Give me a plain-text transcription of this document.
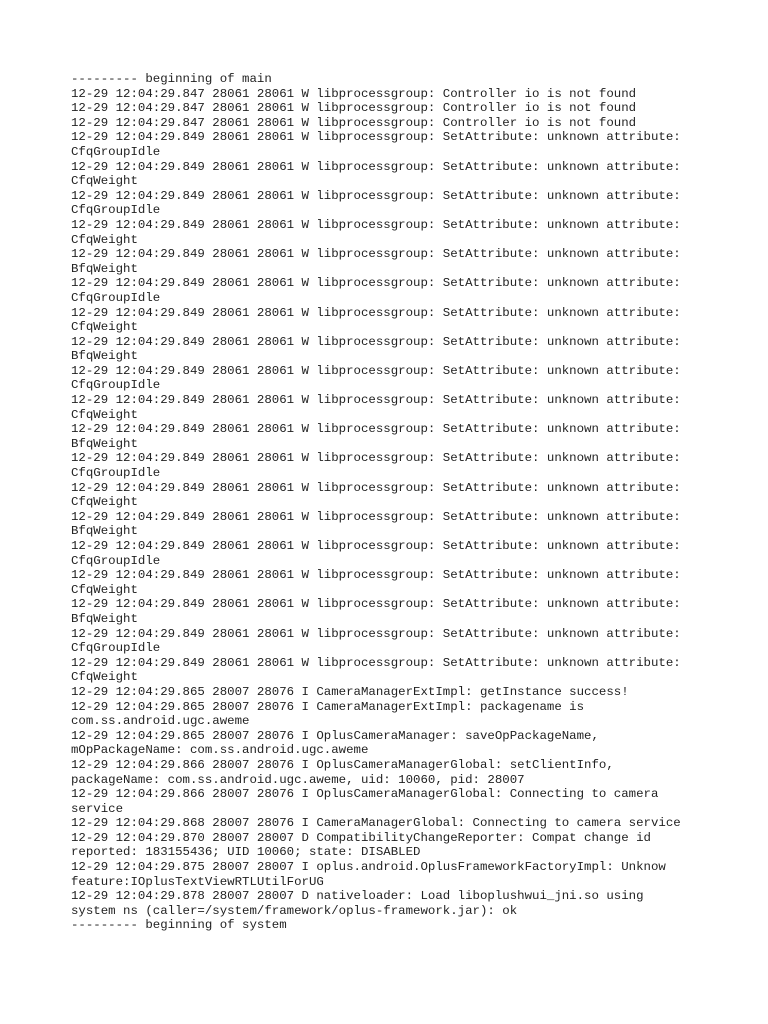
--------- beginning of main
12-29 12:04:29.847 28061 28061 W libprocessgroup: Controller io is not found
12-29 12:04:29.847 28061 28061 W libprocessgroup: Controller io is not found
12-29 12:04:29.847 28061 28061 W libprocessgroup: Controller io is not found
12-29 12:04:29.849 28061 28061 W libprocessgroup: SetAttribute: unknown attribute:
CfqGroupIdle
12-29 12:04:29.849 28061 28061 W libprocessgroup: SetAttribute: unknown attribute:
CfqWeight
12-29 12:04:29.849 28061 28061 W libprocessgroup: SetAttribute: unknown attribute:
CfqGroupIdle
12-29 12:04:29.849 28061 28061 W libprocessgroup: SetAttribute: unknown attribute:
CfqWeight
12-29 12:04:29.849 28061 28061 W libprocessgroup: SetAttribute: unknown attribute:
BfqWeight
12-29 12:04:29.849 28061 28061 W libprocessgroup: SetAttribute: unknown attribute:
CfqGroupIdle
12-29 12:04:29.849 28061 28061 W libprocessgroup: SetAttribute: unknown attribute:
CfqWeight
12-29 12:04:29.849 28061 28061 W libprocessgroup: SetAttribute: unknown attribute:
BfqWeight
12-29 12:04:29.849 28061 28061 W libprocessgroup: SetAttribute: unknown attribute:
CfqGroupIdle
12-29 12:04:29.849 28061 28061 W libprocessgroup: SetAttribute: unknown attribute:
CfqWeight
12-29 12:04:29.849 28061 28061 W libprocessgroup: SetAttribute: unknown attribute:
BfqWeight
12-29 12:04:29.849 28061 28061 W libprocessgroup: SetAttribute: unknown attribute:
CfqGroupIdle
12-29 12:04:29.849 28061 28061 W libprocessgroup: SetAttribute: unknown attribute:
CfqWeight
12-29 12:04:29.849 28061 28061 W libprocessgroup: SetAttribute: unknown attribute:
BfqWeight
12-29 12:04:29.849 28061 28061 W libprocessgroup: SetAttribute: unknown attribute:
CfqGroupIdle
12-29 12:04:29.849 28061 28061 W libprocessgroup: SetAttribute: unknown attribute:
CfqWeight
12-29 12:04:29.849 28061 28061 W libprocessgroup: SetAttribute: unknown attribute:
BfqWeight
12-29 12:04:29.849 28061 28061 W libprocessgroup: SetAttribute: unknown attribute:
CfqGroupIdle
12-29 12:04:29.849 28061 28061 W libprocessgroup: SetAttribute: unknown attribute:
CfqWeight
12-29 12:04:29.865 28007 28076 I CameraManagerExtImpl: getInstance success!
12-29 12:04:29.865 28007 28076 I CameraManagerExtImpl: packagename is
com.ss.android.ugc.aweme
12-29 12:04:29.865 28007 28076 I OplusCameraManager: saveOpPackageName,
mOpPackageName: com.ss.android.ugc.aweme
12-29 12:04:29.866 28007 28076 I OplusCameraManagerGlobal: setClientInfo,
packageName: com.ss.android.ugc.aweme, uid: 10060, pid: 28007
12-29 12:04:29.866 28007 28076 I OplusCameraManagerGlobal: Connecting to camera
service
12-29 12:04:29.868 28007 28076 I CameraManagerGlobal: Connecting to camera service
12-29 12:04:29.870 28007 28007 D CompatibilityChangeReporter: Compat change id
reported: 183155436; UID 10060; state: DISABLED
12-29 12:04:29.875 28007 28007 I oplus.android.OplusFrameworkFactoryImpl: Unknow
feature:IOplusTextViewRTLUtilForUG
12-29 12:04:29.878 28007 28007 D nativeloader: Load liboplushwui_jni.so using
system ns (caller=/system/framework/oplus-framework.jar): ok
--------- beginning of system
